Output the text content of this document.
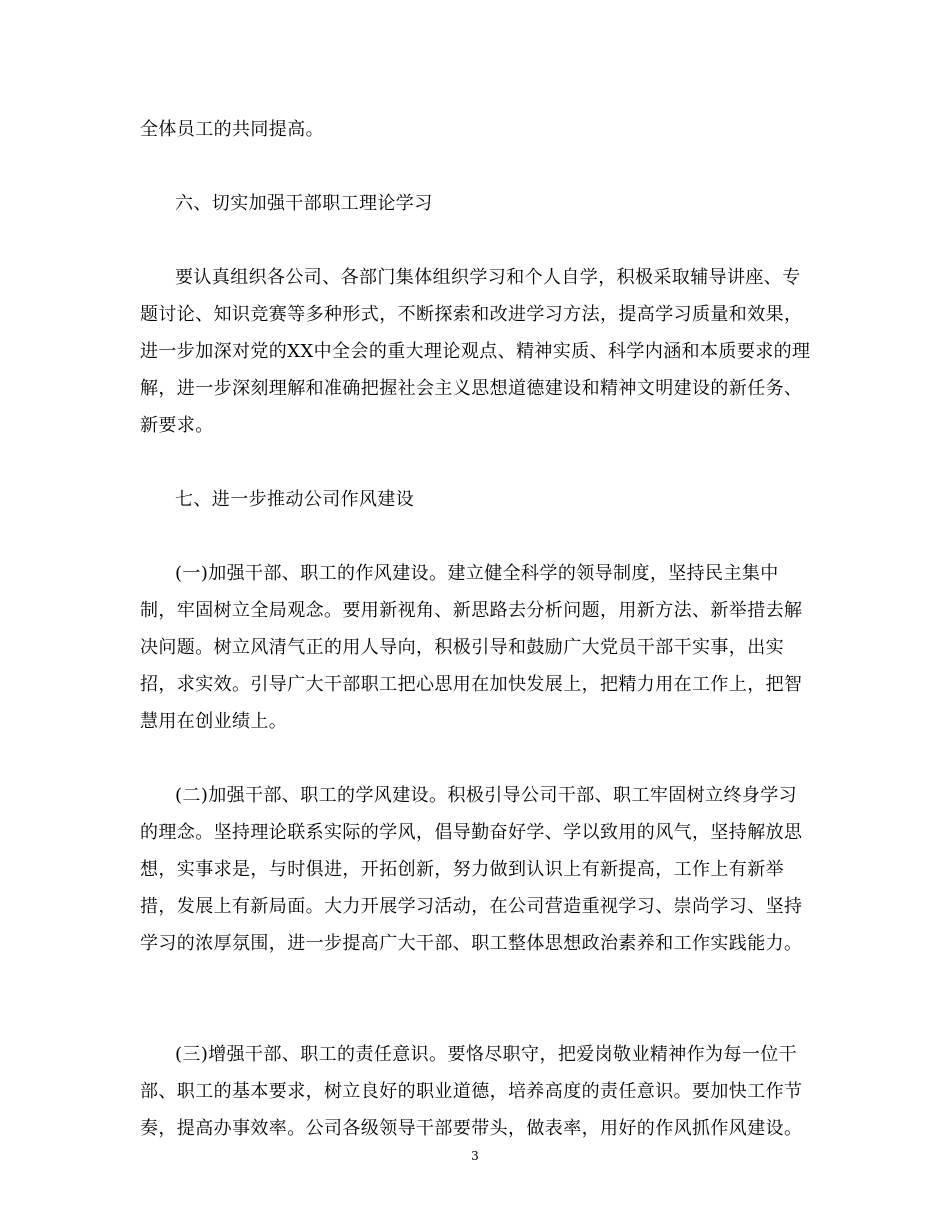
全体员工的共同提高。

六、切实加强干部职工理论学习

要认真组织各公司、各部门集体组织学习和个人自学，积极采取辅导讲座、专题讨论、知识竞赛等多种形式，不断探索和改进学习方法，提高学习质量和效果，进一步加深对党的XX中全会的重大理论观点、精神实质、科学内涵和本质要求的理解，进一步深刻理解和准确把握社会主义思想道德建设和精神文明建设的新任务、新要求。

七、进一步推动公司作风建设

(一)加强干部、职工的作风建设。建立健全科学的领导制度，坚持民主集中制，牢固树立全局观念。要用新视角、新思路去分析问题，用新方法、新举措去解决问题。树立风清气正的用人导向，积极引导和鼓励广大党员干部干实事，出实招，求实效。引导广大干部职工把心思用在加快发展上，把精力用在工作上，把智慧用在创业绩上。

(二)加强干部、职工的学风建设。积极引导公司干部、职工牢固树立终身学习的理念。坚持理论联系实际的学风，倡导勤奋好学、学以致用的风气，坚持解放思想，实事求是，与时俱进，开拓创新，努力做到认识上有新提高，工作上有新举措，发展上有新局面。大力开展学习活动，在公司营造重视学习、崇尚学习、坚持学习的浓厚氛围，进一步提高广大干部、职工整体思想政治素养和工作实践能力。

(三)增强干部、职工的责任意识。要恪尽职守，把爱岗敬业精神作为每一位干部、职工的基本要求，树立良好的职业道德，培养高度的责任意识。要加快工作节奏，提高办事效率。公司各级领导干部要带头，做表率，用好的作风抓作风建设。

3
